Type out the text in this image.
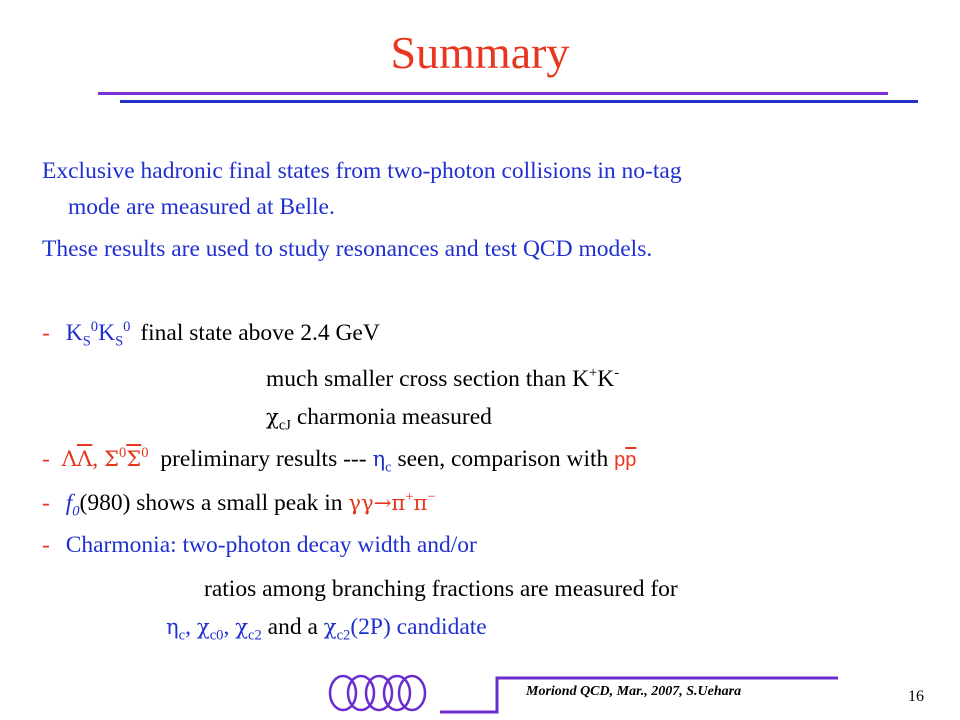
Summary
Exclusive hadronic final states from two-photon collisions in no-tag
mode are measured at Belle.
These results are used to study resonances and test QCD models.
- $K_S^0K_S^0$ final state above 2.4 GeV
much smaller cross section than K+K-
$\chi_{cJ}$ charmonia measured
- $\Lambda\overline{\Lambda}$, $\Sigma^0\overline{\Sigma}^0$ preliminary results --- $\eta_c$ seen, comparison with $p\overline{p}$
- $f_0(980)$ shows a small peak in γγ→π+π−
- Charmonia: two-photon decay width and/or
ratios among branching fractions are measured for
$\eta_c$, $\chi_{c0}$, $\chi_{c2}$ and a $\chi_{c2}(2P)$ candidate
Moriond QCD, Mar., 2007, S.Uehara	16
